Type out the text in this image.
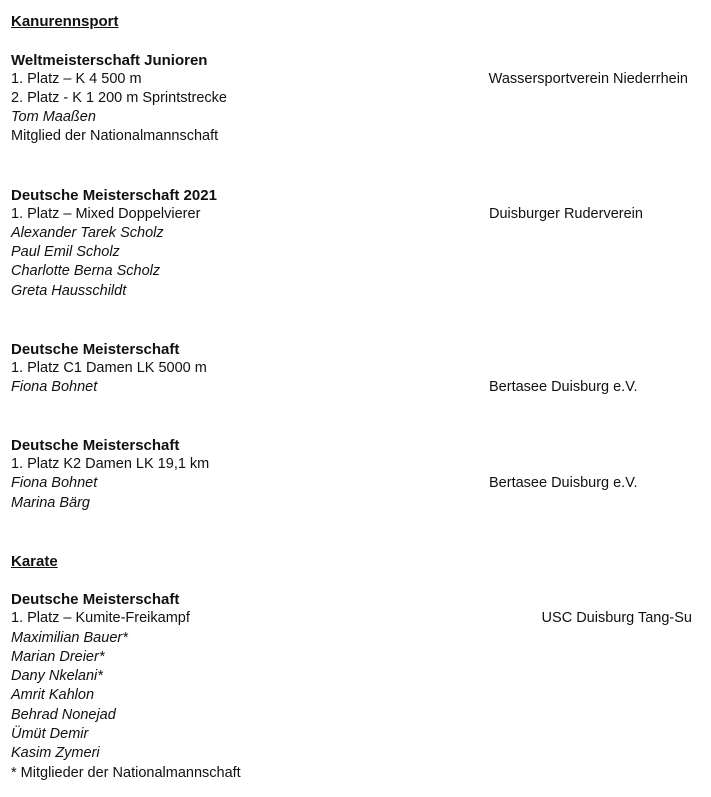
Kanurennsport
Weltmeisterschaft Junioren
1. Platz – K 4 500 m
2. Platz - K 1 200 m Sprintstrecke
Tom Maaßen
Mitglied der Nationalmannschaft
Wassersportverein Niederrhein
Deutsche Meisterschaft 2021
1. Platz – Mixed Doppelvierer
Alexander Tarek Scholz
Paul Emil Scholz
Charlotte Berna Scholz
Greta Hausschildt
Duisburger Ruderverein
Deutsche Meisterschaft
1. Platz C1 Damen LK 5000 m
Fiona Bohnet	Bertasee Duisburg e.V.
Deutsche Meisterschaft
1. Platz K2 Damen LK 19,1 km
Fiona Bohnet
Marina Bärg
Bertasee Duisburg e.V.
Karate
Deutsche Meisterschaft
1. Platz – Kumite-Freikampf
Maximilian Bauer*
Marian Dreier*
Dany Nkelani*
Amrit Kahlon
Behrad Nonejad
Ümüt Demir
Kasim Zymeri
* Mitglieder der Nationalmannschaft
USC Duisburg Tang-Su
